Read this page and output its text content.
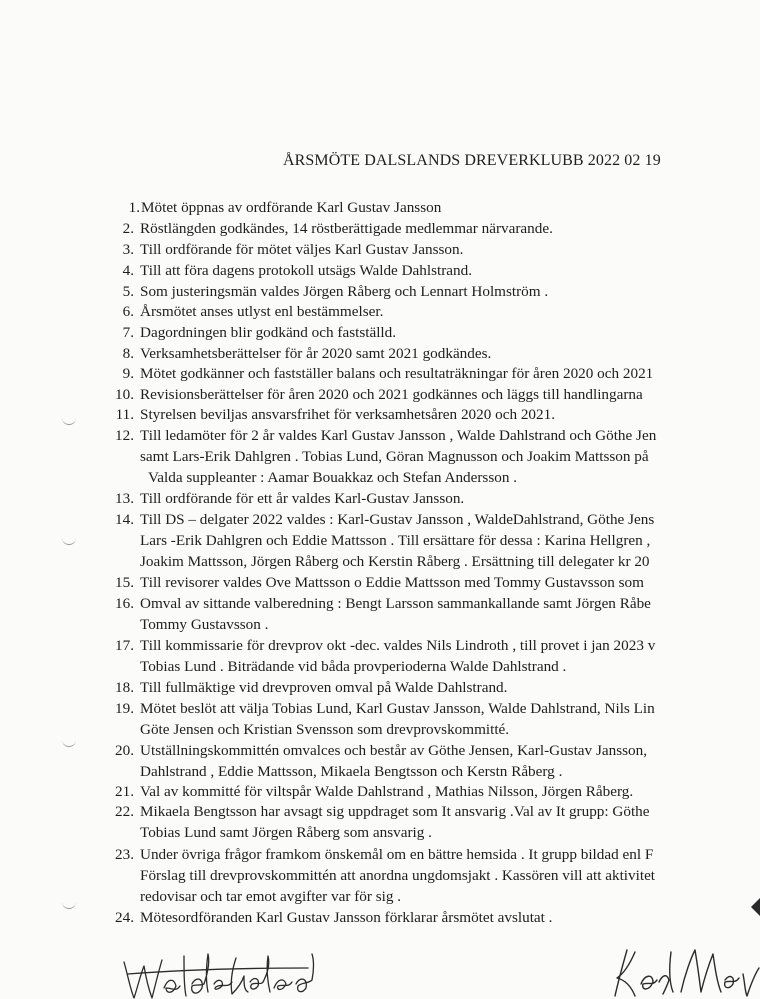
ÅRSMÖTE DALSLANDS DREVERKLUBB 2022 02 19
1. Mötet öppnas av ordförande Karl Gustav Jansson
2. Röstlängden godkändes, 14 röstberättigade medlemmar närvarande.
3. Till ordförande för mötet väljes Karl Gustav Jansson.
4. Till att föra dagens protokoll utsägs Walde Dahlstrand.
5. Som justeringsmän valdes Jörgen Råberg och Lennart Holmström .
6. Årsmötet anses utlyst enl bestämmelser.
7. Dagordningen blir godkänd och fastställd.
8. Verksamhetsberättelser för år 2020 samt 2021 godkändes.
9. Mötet godkänner och fastställer balans och resultaträkningar för åren 2020 och 2021
10. Revisionsberättelser för åren 2020 och 2021 godkännes och läggs till handlingarna
11. Styrelsen beviljas ansvarsfrihet för verksamhetsåren 2020 och 2021.
12. Till ledamöter för 2 år valdes Karl Gustav Jansson , Walde Dahlstrand och Göthe Jen
samt Lars-Erik Dahlgren . Tobias Lund, Göran Magnusson och Joakim Mattsson på
Valda suppleanter : Aamar Bouakkaz och Stefan Andersson .
13. Till ordförande för ett år valdes Karl-Gustav Jansson.
14. Till DS – delgater 2022 valdes : Karl-Gustav Jansson , WaldeDahlstrand, Göthe Jens
Lars -Erik Dahlgren och Eddie Mattsson . Till ersättare för dessa : Karina Hellgren ,
Joakim Mattsson, Jörgen Råberg och Kerstin Råberg . Ersättning till delegater kr 20
15. Till revisorer valdes Ove Mattsson o Eddie Mattsson med Tommy Gustavsson som
16. Omval av sittande valberedning : Bengt Larsson sammankallande samt Jörgen Råbe
Tommy Gustavsson .
17. Till kommissarie för drevprov okt -dec. valdes Nils Lindroth , till provet i jan 2023 v
Tobias Lund . Biträdande vid båda provperioderna Walde Dahlstrand .
18. Till fullmäktige vid drevproven omval på Walde Dahlstrand.
19. Mötet beslöt att välja Tobias Lund, Karl Gustav Jansson, Walde Dahlstrand, Nils Lin
Göte Jensen och Kristian Svensson som drevprovskommitté.
20. Utställningskommittén omvalces och består av Göthe Jensen, Karl-Gustav Jansson,
Dahlstrand , Eddie Mattsson, Mikaela Bengtsson och Kerstn Råberg .
21. Val av kommitté för viltspår Walde Dahlstrand , Mathias Nilsson, Jörgen Råberg.
22. Mikaela Bengtsson har avsagt sig uppdraget som It ansvarig .Val av It grupp: Göthe
Tobias Lund samt Jörgen Råberg som ansvarig .
23. Under övriga frågor framkom önskemål om en bättre hemsida . It grupp bildad enl F
Förslag till drevprovskommittén att anordna ungdomsjakt . Kassören vill att aktivitet
redovisar och tar emot avgifter var för sig .
24. Mötesordföranden Karl Gustav Jansson förklarar årsmötet avslutat .
